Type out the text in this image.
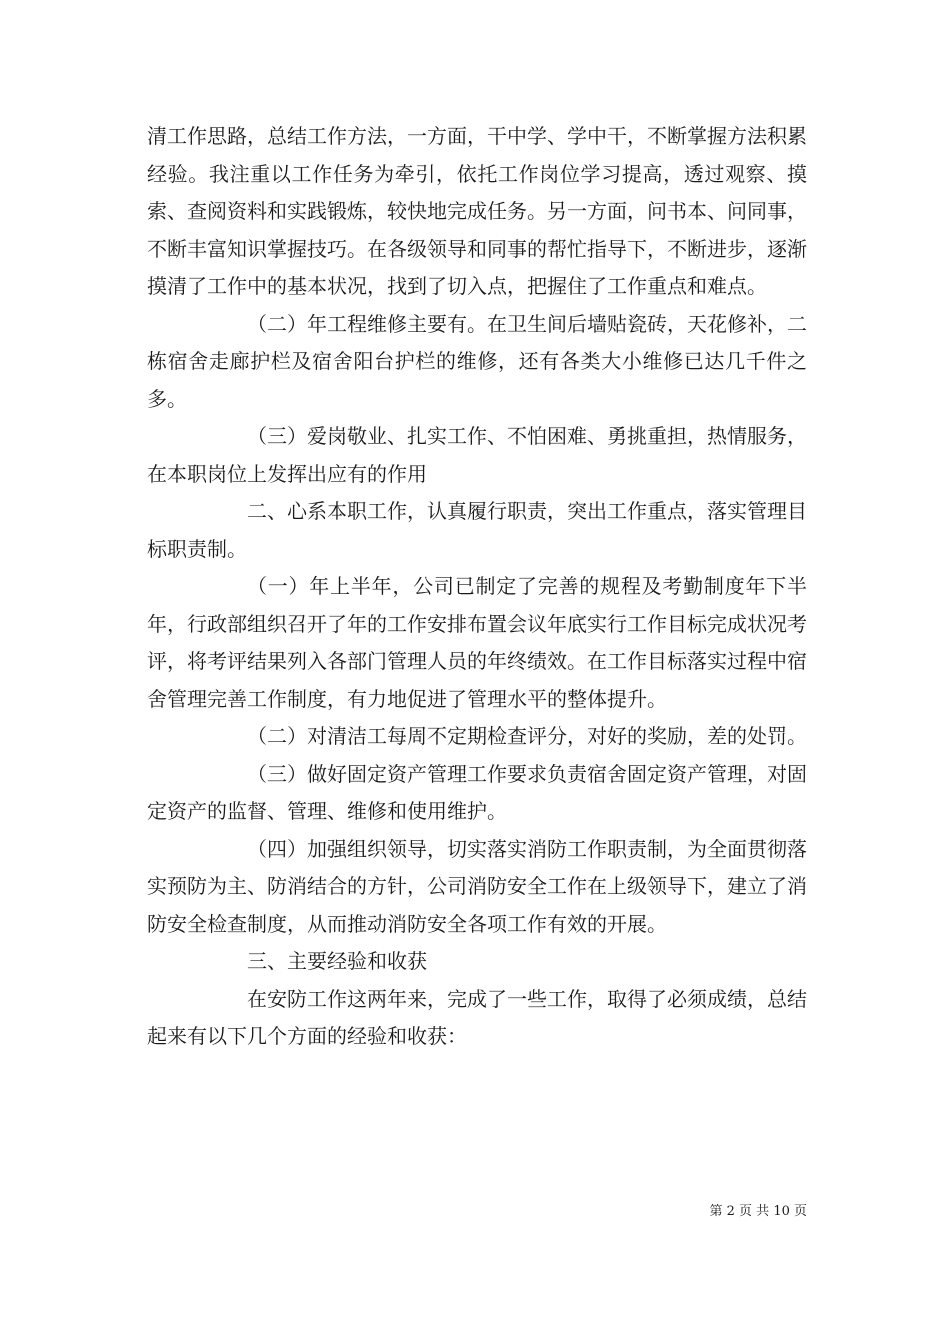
清工作思路，总结工作方法，一方面，干中学、学中干，不断掌握方法积累经验。我注重以工作任务为牵引，依托工作岗位学习提高，透过观察、摸索、查阅资料和实践锻炼，较快地完成任务。另一方面，问书本、问同事，不断丰富知识掌握技巧。在各级领导和同事的帮忙指导下，不断进步，逐渐摸清了工作中的基本状况，找到了切入点，把握住了工作重点和难点。

（二）年工程维修主要有。在卫生间后墙贴瓷砖，天花修补，二栋宿舍走廊护栏及宿舍阳台护栏的维修，还有各类大小维修已达几千件之多。

（三）爱岗敬业、扎实工作、不怕困难、勇挑重担，热情服务，在本职岗位上发挥出应有的作用

二、心系本职工作，认真履行职责，突出工作重点，落实管理目标职责制。

（一）年上半年，公司已制定了完善的规程及考勤制度年下半年，行政部组织召开了年的工作安排布置会议年底实行工作目标完成状况考评，将考评结果列入各部门管理人员的年终绩效。在工作目标落实过程中宿舍管理完善工作制度，有力地促进了管理水平的整体提升。

（二）对清洁工每周不定期检查评分，对好的奖励，差的处罚。

（三）做好固定资产管理工作要求负责宿舍固定资产管理，对固定资产的监督、管理、维修和使用维护。

（四）加强组织领导，切实落实消防工作职责制，为全面贯彻落实预防为主、防消结合的方针，公司消防安全工作在上级领导下，建立了消防安全检查制度，从而推动消防安全各项工作有效的开展。

三、主要经验和收获

在安防工作这两年来，完成了一些工作，取得了必须成绩，总结起来有以下几个方面的经验和收获：

第 2 页 共 10 页
